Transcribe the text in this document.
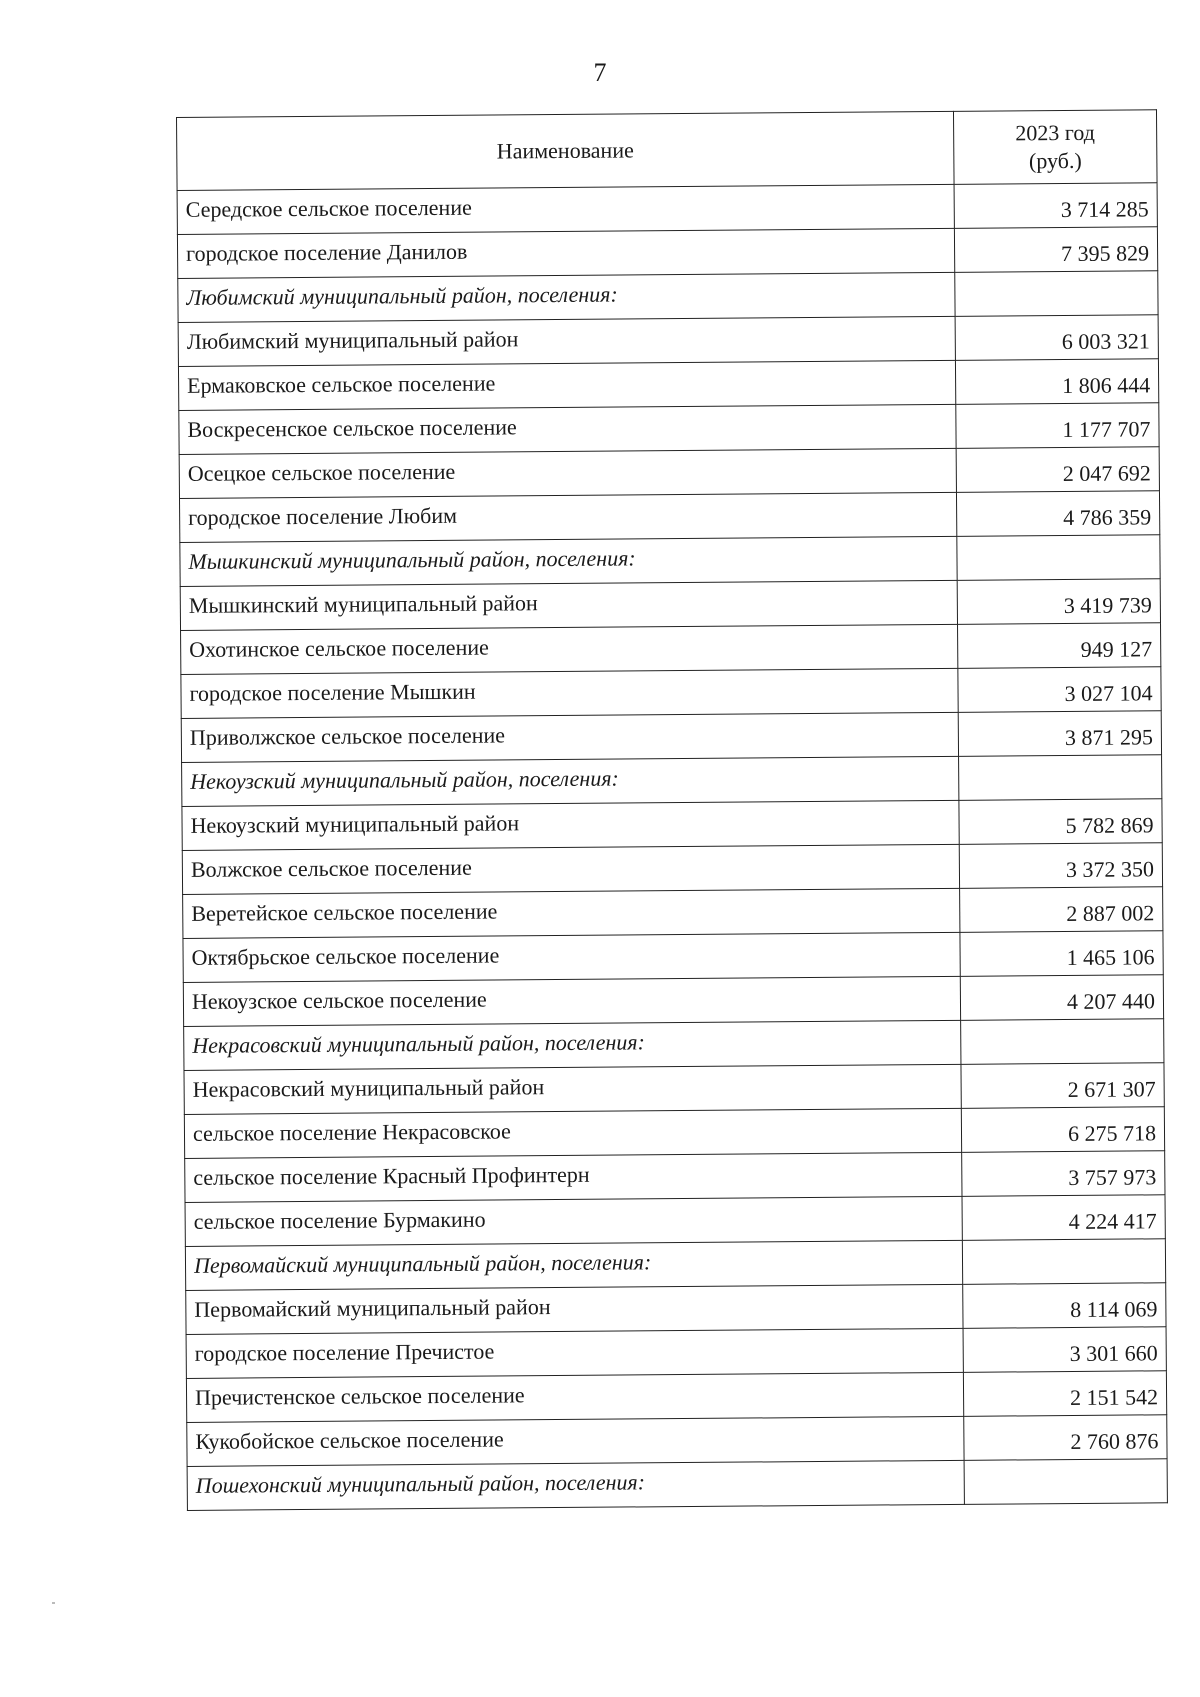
7
Наименование	2023 год
(руб.)
Середское сельское поселение	3 714 285
городское поселение Данилов	7 395 829
Любимский муниципальный район, поселения:	
Любимский муниципальный район	6 003 321
Ермаковское сельское поселение	1 806 444
Воскресенское сельское поселение	1 177 707
Осецкое сельское поселение	2 047 692
городское поселение Любим	4 786 359
Мышкинский муниципальный район, поселения:	
Мышкинский муниципальный район	3 419 739
Охотинское сельское поселение	949 127
городское поселение Мышкин	3 027 104
Приволжское сельское поселение	3 871 295
Некоузский муниципальный район, поселения:	
Некоузский муниципальный район	5 782 869
Волжское сельское поселение	3 372 350
Веретейское сельское поселение	2 887 002
Октябрьское сельское поселение	1 465 106
Некоузское сельское поселение	4 207 440
Некрасовский муниципальный район, поселения:	
Некрасовский муниципальный район	2 671 307
сельское поселение Некрасовское	6 275 718
сельское поселение Красный Профинтерн	3 757 973
сельское поселение Бурмакино	4 224 417
Первомайский муниципальный район, поселения:	
Первомайский муниципальный район	8 114 069
городское поселение Пречистое	3 301 660
Пречистенское сельское поселение	2 151 542
Кукобойское сельское поселение	2 760 876
Пошехонский муниципальный район, поселения:	
